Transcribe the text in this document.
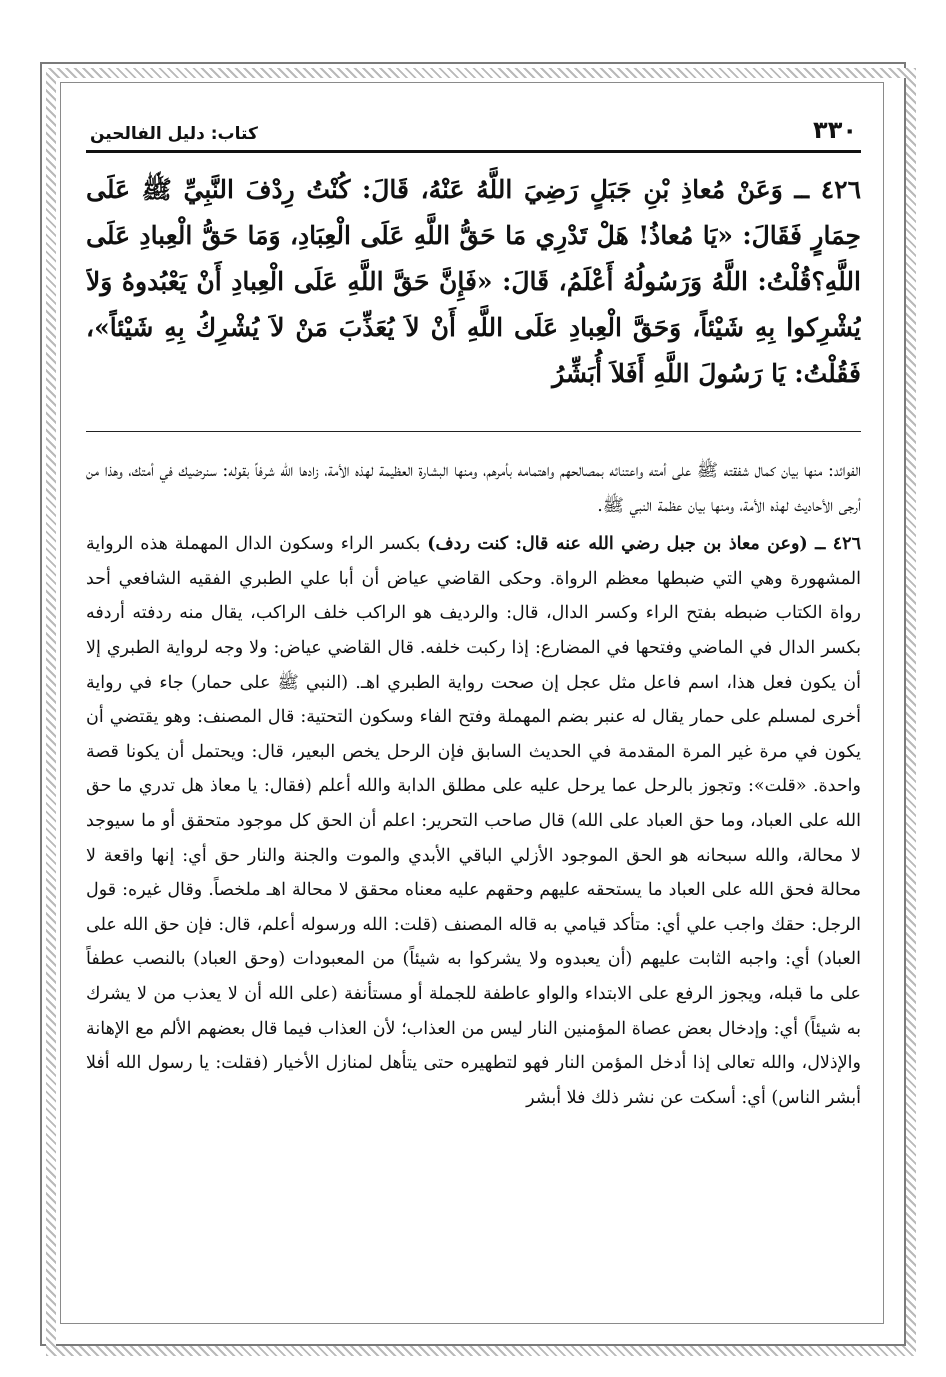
٣٣٠
كتاب: دليل الفالحين
٤٢٦ ــ وَعَنْ مُعاذِ بْنِ جَبَلٍ رَضِيَ اللَّهُ عَنْهُ، قَالَ: كُنْتُ رِدْفَ النَّبِيِّ ﷺ عَلَى حِمَارٍ فَقَالَ: «يَا مُعاذُ! هَلْ تَدْرِي مَا حَقُّ اللَّهِ عَلَى الْعِبَادِ، وَمَا حَقُّ الْعِبادِ عَلَى اللَّهِ؟قُلْتُ: اللَّهُ وَرَسُولُهُ أَعْلَمُ، قَالَ: «فَإِنَّ حَقَّ اللَّهِ عَلَى الْعِبادِ أَنْ يَعْبُدوهُ وَلاَ يُشْرِكوا بِهِ شَيْئاً، وَحَقَّ الْعِبادِ عَلَى اللَّهِ أَنْ لاَ يُعَذِّبَ مَنْ لاَ يُشْرِكُ بِهِ شَيْئاً»، فَقُلْتُ: يَا رَسُولَ اللَّهِ أَفَلاَ أُبَشِّرُ

الفوائد: منها بيان كمال شفقته ﷺ على أمته واعتنائه بمصالحهم واهتمامه بأمرهم، ومنها البشارة العظيمة لهذه الأمة، زادها الله شرفاً بقوله: سنرضيك في أمتك، وهذا من أرجى الأحاديث لهذه الأمة، ومنها بيان عظمة النبي ﷺ.

٤٢٦ ــ (وعن معاذ بن جبل رضي الله عنه قال: كنت ردف) بكسر الراء وسكون الدال المهملة هذه الرواية المشهورة وهي التي ضبطها معظم الرواة. وحكى القاضي عياض أن أبا علي الطبري الفقيه الشافعي أحد رواة الكتاب ضبطه بفتح الراء وكسر الدال، قال: والرديف هو الراكب خلف الراكب، يقال منه ردفته أردفه بكسر الدال في الماضي وفتحها في المضارع: إذا ركبت خلفه. قال القاضي عياض: ولا وجه لرواية الطبري إلا أن يكون فعل هذا، اسم فاعل مثل عجل إن صحت رواية الطبري اهـ. (النبي ﷺ على حمار) جاء في رواية أخرى لمسلم على حمار يقال له عنبر بضم المهملة وفتح الفاء وسكون التحتية: قال المصنف: وهو يقتضي أن يكون في مرة غير المرة المقدمة في الحديث السابق فإن الرحل يخص البعير، قال: ويحتمل أن يكونا قصة واحدة. «قلت»: وتجوز بالرحل عما يرحل عليه على مطلق الدابة والله أعلم (فقال: يا معاذ هل تدري ما حق الله على العباد، وما حق العباد على الله) قال صاحب التحرير: اعلم أن الحق كل موجود متحقق أو ما سيوجد لا محالة، والله سبحانه هو الحق الموجود الأزلي الباقي الأبدي والموت والجنة والنار حق أي: إنها واقعة لا محالة فحق الله على العباد ما يستحقه عليهم وحقهم عليه معناه محقق لا محالة اهـ ملخصاً. وقال غيره: قول الرجل: حقك واجب علي أي: متأكد قيامي به قاله المصنف (قلت: الله ورسوله أعلم، قال: فإن حق الله على العباد) أي: واجبه الثابت عليهم (أن يعبدوه ولا يشركوا به شيئاً) من المعبودات (وحق العباد) بالنصب عطفاً على ما قبله، ويجوز الرفع على الابتداء والواو عاطفة للجملة أو مستأنفة (على الله أن لا يعذب من لا يشرك به شيئاً) أي: وإدخال بعض عصاة المؤمنين النار ليس من العذاب؛ لأن العذاب فيما قال بعضهم الألم مع الإهانة والإذلال، والله تعالى إذا أدخل المؤمن النار فهو لتطهيره حتى يتأهل لمنازل الأخيار (فقلت: يا رسول الله أفلا أبشر الناس) أي: أسكت عن نشر ذلك فلا أبشر
